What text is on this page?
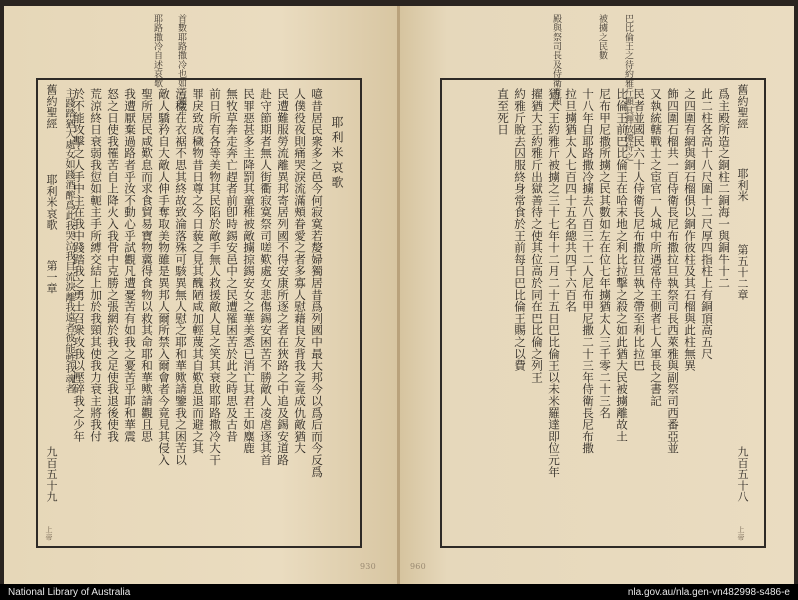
耶路撒冷自述哀歌 首數耶路撒冷也如苦艱辛
舊約聖經
耶利米哀歌
第一章
九百五十九
上帝
耶利米哀歌
噫昔居民衆多之邑今何寂寞若嫠婦獨居昔爲列國中最大邦今以爲后而今反爲
人僕役夜則痛哭淚流滿頰眷愛之者多寡人慰藉良友背我之竟成仇敵猶大
民遭難服勞流離異邦寄居列國不得安康所逐之者在狹路之中追及錫安道路
赴守節期者無人街衢寂寞祭司嗟歎處女悲傷錫安困苦不勝敵人凌虐逐其首
民罪惡甚多主降罰其童稚被敵擄掠錫安女之華美悉已消亡其君王如麋鹿
無牧草奔走奔亡趕者前卽時錫安邑中之民遭罹困苦於此之時思及古昔
前日所有各等美物其民陷於敵手無人救援敵人見之笑其衰敗耶路撒冷大干
罪戾致成穢物昔日尊之今日藐之見其醜陋咸加輕蔑其自歎息退而避之其
污穢在衣裾不思其終故致淪落殊可駭異無人慰之耶和華歟請鑒我之困苦以
敵人驕矜自大敵人伸手奪取美物雖是異邦人爾所禁入爾會者今竟見其侵入
聖所居民咸歎息而求食貿易寶物冀得食物以救其命耶和華歟請觀且思
我遭厭棄過路者乎汝不動心乎試觀凡遭憂苦有如我之憂苦乎耶和華震
怒之日使我罹苦自上降火入我骨中克勝之張網於我之足使我退後使我
荒涼終日衰弱我愆如軛主手所縛交結上加於我頸其使我力衰主將我付
於不能攻擊之人手中主在我中踐踏我之勇士召衆攻我以壓碎我之少年
主踐踏猶大處女如踐酒醡爲此我哭泣我目流淚離我遠者彼能甦我魂者
殿與祭司長及侍衛首領	被擄之民數 巴比倫王之待約雅斤顯其釋放優待之	舊約聖經
耶利米
第五十二章
九百五十八
上帝
爲主殿所造之銅柱二銅海一與銅牛十二
此二柱各高十八尺圍十二尺厚四指柱上有銅頂高五尺
之四圍有網與銅石榴俱以銅作彼柱及其石榴與此柱無異
飾四圍石榴共一百侍衛長尼布撒拉旦執祭司長西萊雅與副祭司西番亞並
又執統轄戰士之宦官一人城中所遇常侍王側者七人軍長之書記
民者並國民六十人侍衛長尼布撒拉旦執之帶至利比拉巴
比倫王前巴比倫王在哈末地之利比拉擊之殺之如此猶大民被擄離故土
尼布甲尼撒所擄之民其數如左在位七年擄猶太人三千零二十三名
十八年自耶路撒冷擄去八百三十二人尼布甲尼撒二十三年侍衛長尼布撒
拉旦擄猶太人七百四十五名總共四千六百名
猶大王約雅斤被擄之三十七年十二月二十五日巴比倫王以未米羅達即位元年
擢猶大王約雅斤出獄善待之使其位高於同在巴比倫之列王
約雅斤脫去囚服終身常食於王前每日巴比倫王賜之以費
直至死日
930	960
National Library of Australia	nla.gov.au/nla.gen-vn482998-s486-e
